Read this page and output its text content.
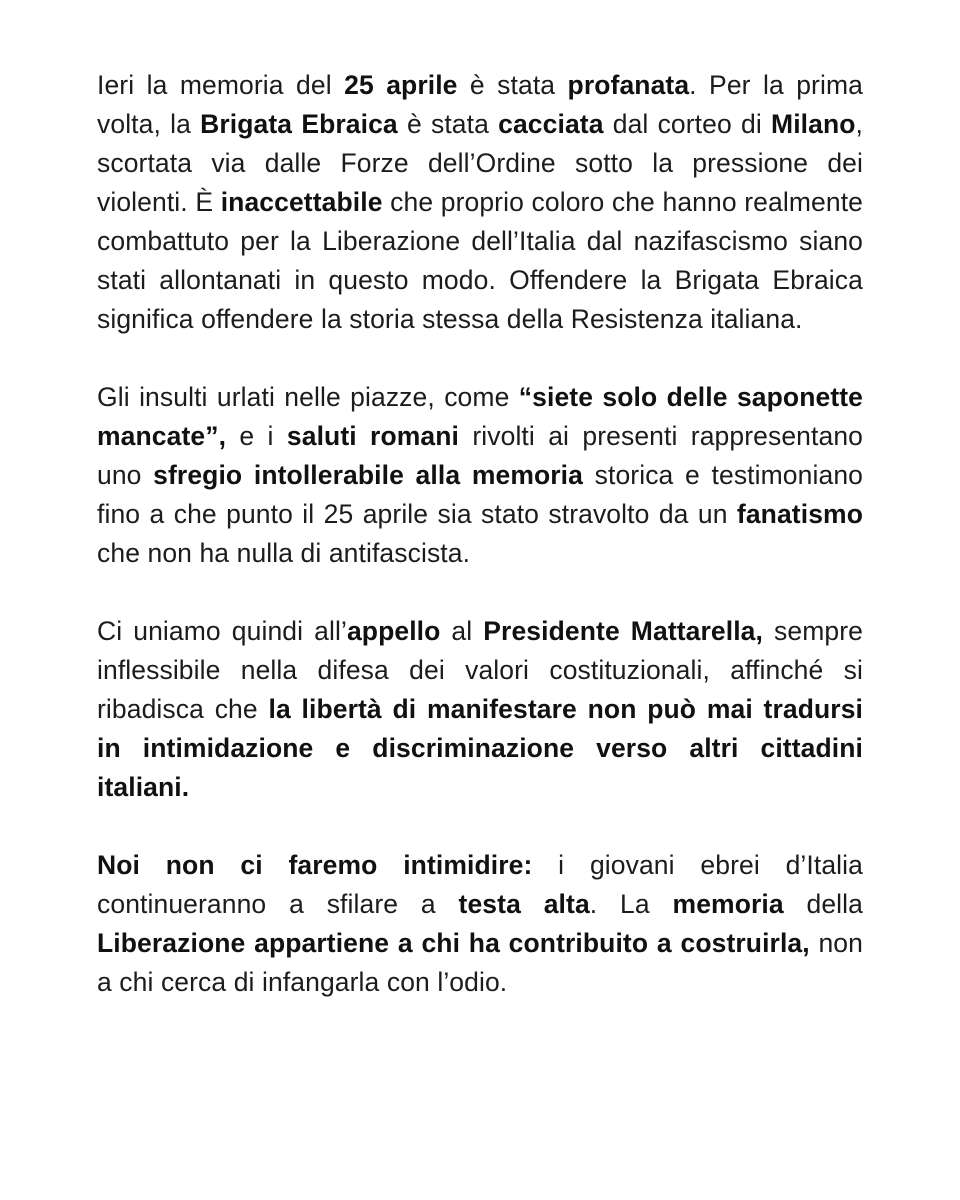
Ieri la memoria del 25 aprile è stata profanata. Per la prima volta, la Brigata Ebraica è stata cacciata dal corteo di Milano, scortata via dalle Forze dell’Ordine sotto la pressione dei violenti. È inaccettabile che proprio coloro che hanno realmente combattuto per la Liberazione dell’Italia dal nazifascismo siano stati allontanati in questo modo. Offendere la Brigata Ebraica significa offendere la storia stessa della Resistenza italiana.

Gli insulti urlati nelle piazze, come “siete solo delle saponette mancate”, e i saluti romani rivolti ai presenti rappresentano uno sfregio intollerabile alla memoria storica e testimoniano fino a che punto il 25 aprile sia stato stravolto da un fanatismo che non ha nulla di antifascista.

Ci uniamo quindi all’appello al Presidente Mattarella, sempre inflessibile nella difesa dei valori costituzionali, affinché si ribadisca che la libertà di manifestare non può mai tradursi in intimidazione e discriminazione verso altri cittadini italiani.

Noi non ci faremo intimidire: i giovani ebrei d’Italia continueranno a sfilare a testa alta. La memoria della Liberazione appartiene a chi ha contribuito a costruirla, non a chi cerca di infangarla con l’odio.
